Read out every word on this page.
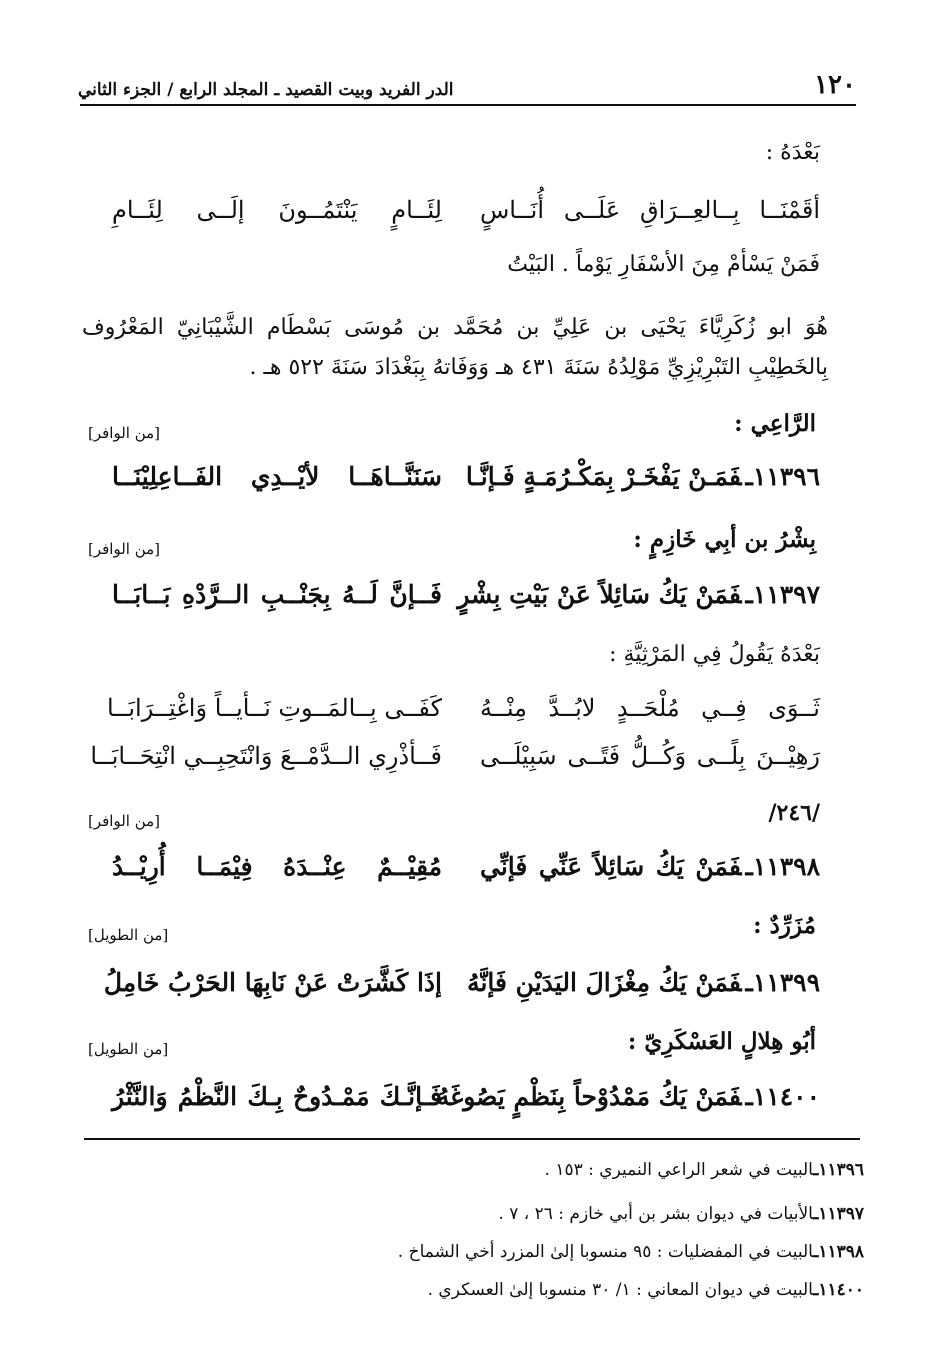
١٢٠
الدر الفريد وبيت القصيد ـ المجلد الرابع / الجزء الثاني
بَعْدَهُ :
أقَمْنَــا بِــالعِــرَاقِ عَلَــى أُنَــاسٍ
لِئَــامٍ يَنْتَمُــونَ إلَــى لِئَــامِ
فَمَنْ يَسْأمْ مِنَ الأسْفَارِ يَوْماً . البَيْتُ
هُوَ ابو زُكَرِيَّاءَ يَحْيَى بن عَلِيِّ بن مُحَمَّد بن مُوسَى بَسْطَام الشَّيْبَانِيّ المَعْرُوف
بِالخَطِيْبِ التَبْرِيْزِيِّ مَوْلِدُهُ سَنَةَ ٤٣١ هـ وَوَفَاتهُ بِبَغْدَادَ سَنَةَ ٥٢٢ هـ .
الرَّاعِي :
[من الوافر]
١١٣٩٦ـفَمَـنْ يَفْخَـرْ بِمَكْـرُمَـةٍ فَـإنَّـا
سَنَنَّــاهَــا لأيْــدِي الفَــاعِلِيْنَــا
بِشْرُ بن أبِي خَازِمٍ :
[من الوافر]
١١٣٩٧ـفَمَنْ يَكُ سَائِلاً عَنْ بَيْتِ بِشْرٍ
فَــإنَّ لَــهُ بِجَنْــبِ الــرَّدْهِ بَــابَــا
بَعْدَهُ يَقُولُ فِي المَرْثِيَّةِ :
ثَــوَى فِــي مُلْحَــدٍ لابُــدَّ مِنْــهُ
كَفَــى بِــالمَــوتِ نَــأيــاً وَاغْتِــرَابَــا
رَهِيْــنَ بِلًــى وَكُــلُّ فَتًــى سَبِيْلَــى
فَــأذْرِي الــدَّمْــعَ وَانْتَحِبِــي انْتِحَــابَــا
/٢٤٦/
[من الوافر]
١١٣٩٨ـفَمَنْ يَكُ سَائِلاً عَنِّي فَإنِّي
مُقِيْــمٌ عِنْــدَهُ فِيْمَــا أُرِيْــدُ
مُزَرِّدٌ :
[من الطويل]
١١٣٩٩ـفَمَنْ يَكُ مِغْزَالَ اليَدَيْنِ فَإنَّهُ
إذَا كَشَّرَتْ عَنْ نَابِهَا الحَرْبُ خَامِلُ
أبُو هِلالٍ العَسْكَرِيّ :
[من الطويل]
١١٤٠٠ـفَمَنْ يَكُ مَمْدُوْحاً بِنَظْمٍ يَصُوغَهُ
فَـإنَّـكَ مَمْـدُوحٌ بِـكَ النَّظْمُ وَالنَّثْرُ
١١٣٩٦ـالبيت في شعر الراعي النميري : ١٥٣ .
١١٣٩٧ـالأبيات في ديوان بشر بن أبي خازم : ٢٦ ، ٧ .
١١٣٩٨ـالبيت في المفضليات : ٩٥ منسوبا إلىٰ المزرد أخي الشماخ .
١١٤٠٠ـالبيت في ديوان المعاني : ١/ ٣٠ منسوبا إلىٰ العسكري .
